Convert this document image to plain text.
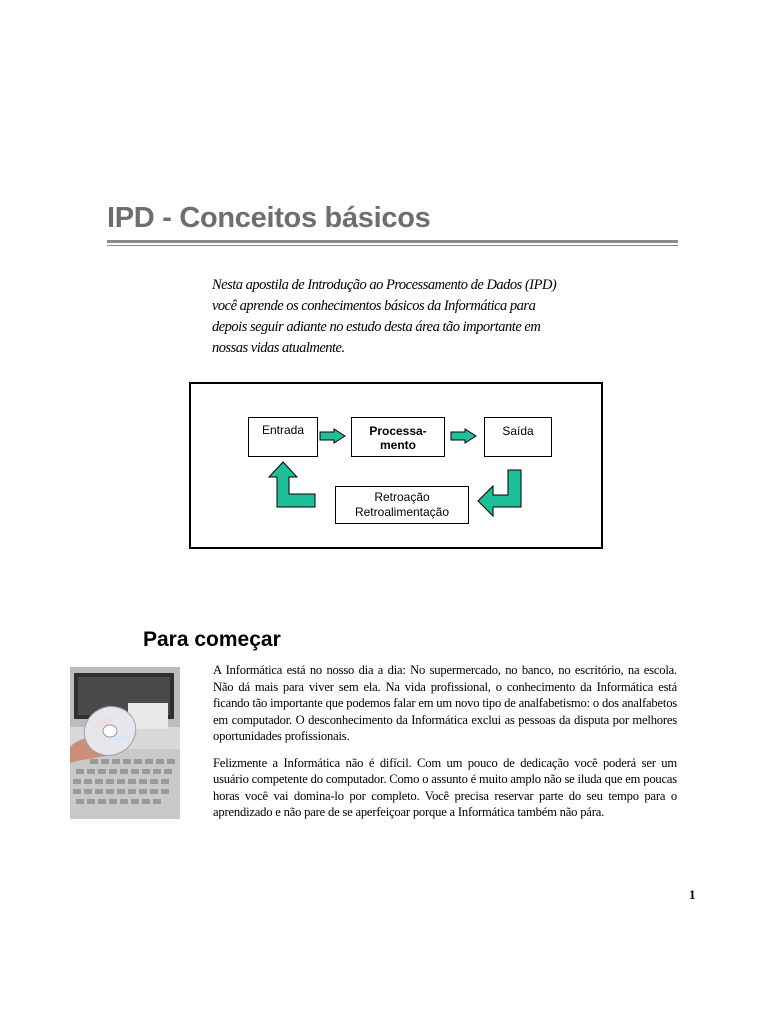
IPD - Conceitos básicos

Nesta apostila de Introdução ao Processamento de Dados (IPD) você aprende os conhecimentos básicos da Informática para depois seguir adiante no estudo desta área tão importante em nossas vidas atualmente.

Entrada	Processa-
mento
Saída
Retroação
Retroalimentação
Para começar

A Informática está no nosso dia a dia: No supermercado, no banco, no escritório, na escola. Não dá mais para viver sem ela. Na vida profissional, o conhecimento da Informática está ficando tão importante que podemos falar em um novo tipo de analfabetismo: o dos analfabetos em computador. O desconhecimento da Informática exclui as pessoas da disputa por melhores oportunidades profissionais.

Felizmente a Informática não é difícil. Com um pouco de dedicação você poderá ser um usuário competente do computador. Como o assunto é muito amplo não se iluda que em poucas horas você vai domina-lo por completo. Você precisa reservar parte do seu tempo para o aprendizado e não pare de se aperfeiçoar porque a Informática também não pára.

1
